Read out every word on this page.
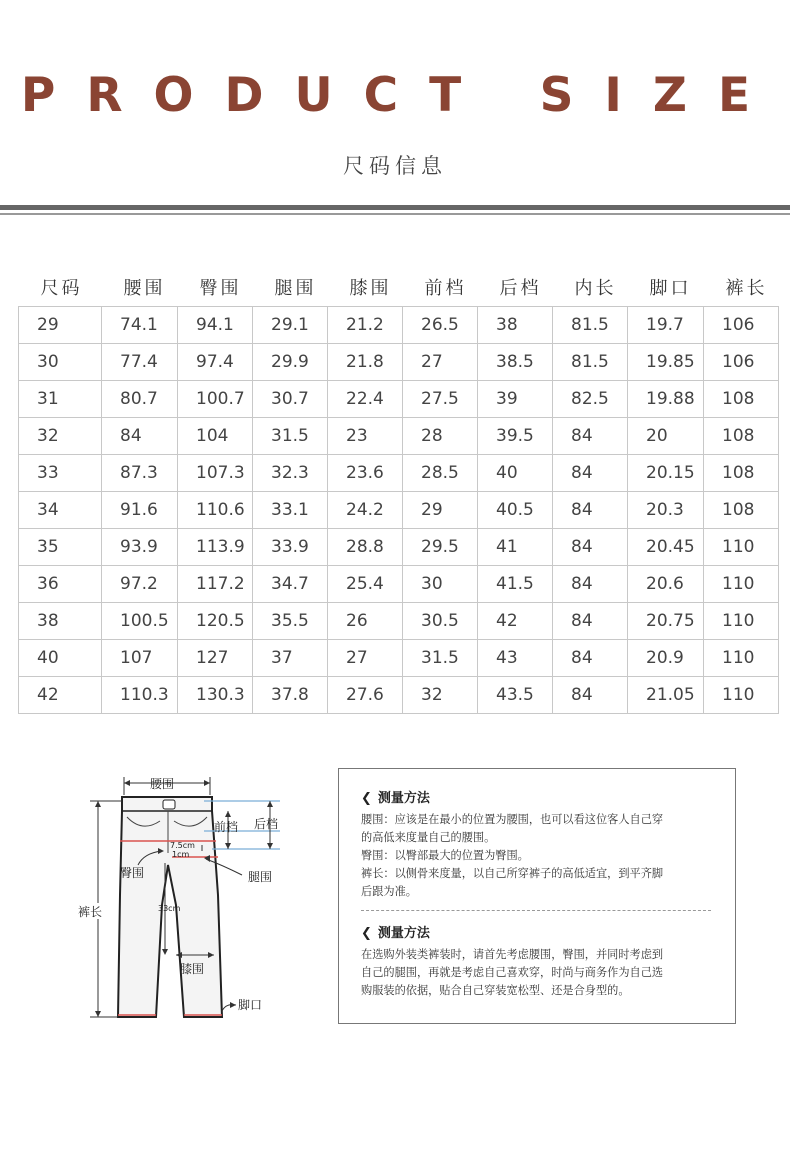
PRODUCT SIZE
尺码信息
尺码	腰围	臀围	腿围	膝围	前档	后档	内长	脚口	裤长
29	74.1	94.1	29.1	21.2	26.5	38	81.5	19.7	106
30	77.4	97.4	29.9	21.8	27	38.5	81.5	19.85	106
31	80.7	100.7	30.7	22.4	27.5	39	82.5	19.88	108
32	84	104	31.5	23	28	39.5	84	20	108
33	87.3	107.3	32.3	23.6	28.5	40	84	20.15	108
34	91.6	110.6	33.1	24.2	29	40.5	84	20.3	108
35	93.9	113.9	33.9	28.8	29.5	41	84	20.45	110
36	97.2	117.2	34.7	25.4	30	41.5	84	20.6	110
38	100.5	120.5	35.5	26	30.5	42	84	20.75	110
40	107	127	37	27	31.5	43	84	20.9	110
42	110.3	130.3	37.8	27.6	32	43.5	84	21.05	110
腰围
前档 后档
7.5cm
1cm
臀围	腿围
33cm
裤长
膝围
脚口
❮ 测量方法
腰围：应该是在最小的位置为腰围，也可以看这位客人自己穿
的高低来度量自己的腰围。
臀围：以臀部最大的位置为臀围。
裤长：以侧骨来度量，以自己所穿裤子的高低适宜，到平齐脚
后跟为准。
❮ 测量方法
在选购外装类裤装时，请首先考虑腰围，臀围，并同时考虑到
自己的腿围，再就是考虑自己喜欢穿，时尚与商务作为自己选
购服装的依据，贴合自己穿装宽松型、还是合身型的。
